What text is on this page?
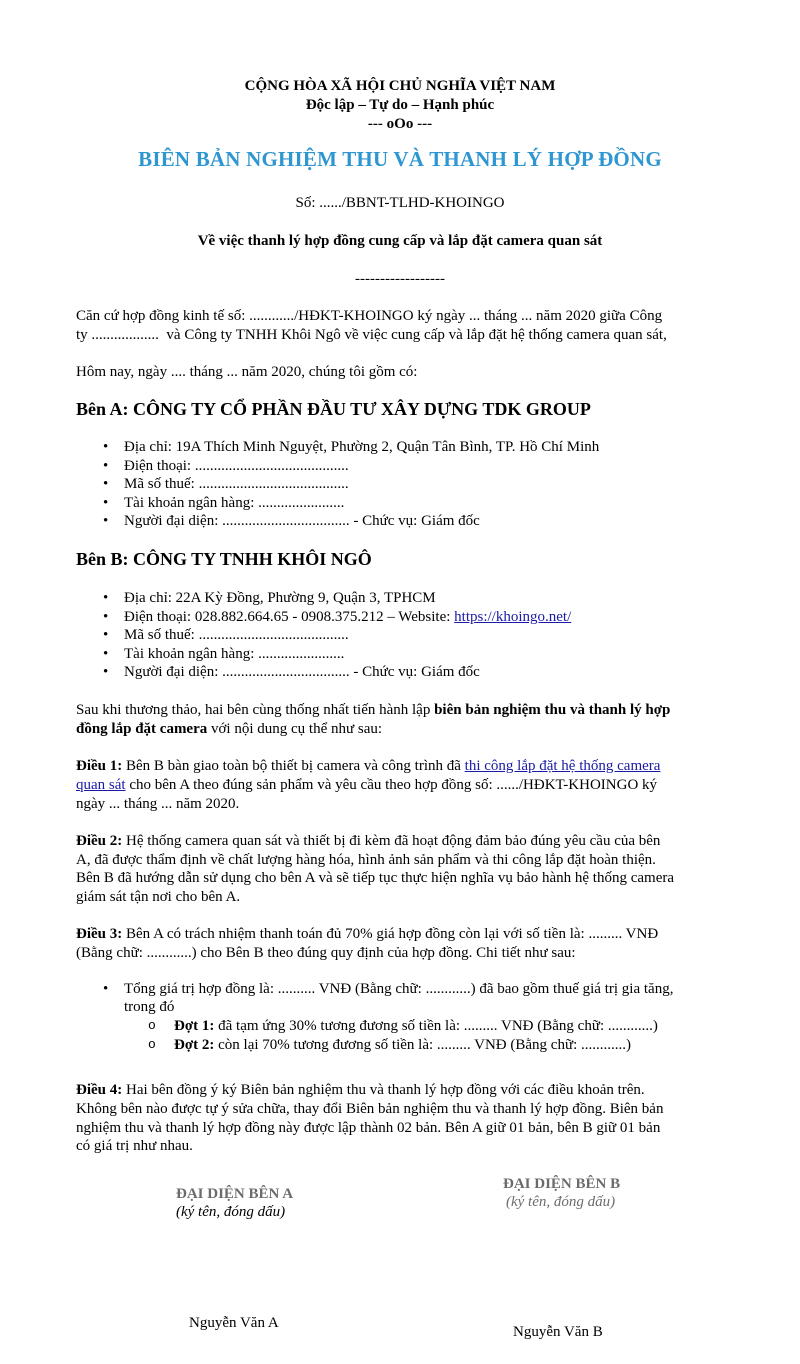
CỘNG HÒA XÃ HỘI CHỦ NGHĨA VIỆT NAM
Độc lập – Tự do – Hạnh phúc
--- oOo ---
BIÊN BẢN NGHIỆM THU VÀ THANH LÝ HỢP ĐỒNG
Số: ....../BBNT-TLHD-KHOINGO
Về việc thanh lý hợp đồng cung cấp và lắp đặt camera quan sát
------------------
Căn cứ hợp đồng kinh tế số: ............/HĐKT-KHOINGO ký ngày ... tháng ... năm 2020 giữa Công
ty ..................  và Công ty TNHH Khôi Ngô về việc cung cấp và lắp đặt hệ thống camera quan sát,
Hôm nay, ngày .... tháng ... năm 2020, chúng tôi gồm có:
Bên A: CÔNG TY CỔ PHẦN ĐẦU TƯ XÂY DỰNG TDK GROUP
• Địa chỉ: 19A Thích Minh Nguyệt, Phường 2, Quận Tân Bình, TP. Hồ Chí Minh
• Điện thoại: .........................................
• Mã số thuế: ........................................
• Tài khoản ngân hàng: .......................
• Người đại diện: .................................. - Chức vụ: Giám đốc
Bên B: CÔNG TY TNHH KHÔI NGÔ
• Địa chỉ: 22A Kỳ Đồng, Phường 9, Quận 3, TPHCM
• Điện thoại: 028.882.664.65 - 0908.375.212 – Website: https://khoingo.net/
• Mã số thuế: ........................................
• Tài khoản ngân hàng: .......................
• Người đại diện: .................................. - Chức vụ: Giám đốc
Sau khi thương thảo, hai bên cùng thống nhất tiến hành lập biên bản nghiệm thu và thanh lý hợp
đồng lắp đặt camera với nội dung cụ thể như sau:
Điều 1: Bên B bàn giao toàn bộ thiết bị camera và công trình đã thi công lắp đặt hệ thống camera
quan sát cho bên A theo đúng sản phẩm và yêu cầu theo hợp đồng số: ....../HĐKT-KHOINGO ký
ngày ... tháng ... năm 2020.
Điều 2: Hệ thống camera quan sát và thiết bị đi kèm đã hoạt động đảm bảo đúng yêu cầu của bên
A, đã được thẩm định về chất lượng hàng hóa, hình ảnh sản phẩm và thi công lắp đặt hoàn thiện.
Bên B đã hướng dẫn sử dụng cho bên A và sẽ tiếp tục thực hiện nghĩa vụ bảo hành hệ thống camera
giám sát tận nơi cho bên A.
Điều 3: Bên A có trách nhiệm thanh toán đủ 70% giá hợp đồng còn lại với số tiền là: ......... VNĐ
(Bằng chữ: ............) cho Bên B theo đúng quy định của hợp đồng. Chi tiết như sau:
• Tổng giá trị hợp đồng là: .......... VNĐ (Bằng chữ: ............) đã bao gồm thuế giá trị gia tăng,
trong đó
o Đợt 1: đã tạm ứng 30% tương đương số tiền là: ......... VNĐ (Bằng chữ: ............)
o Đợt 2: còn lại 70% tương đương số tiền là: ......... VNĐ (Bằng chữ: ............)
Điều 4: Hai bên đồng ý ký Biên bản nghiệm thu và thanh lý hợp đồng với các điều khoản trên.
Không bên nào được tự ý sửa chữa, thay đổi Biên bản nghiệm thu và thanh lý hợp đồng. Biên bản
nghiệm thu và thanh lý hợp đồng này được lập thành 02 bản. Bên A giữ 01 bản, bên B giữ 01 bản
có giá trị như nhau.
ĐẠI DIỆN BÊN A
(ký tên, đóng dấu)
ĐẠI DIỆN BÊN B
(ký tên, đóng dấu)
Nguyễn Văn A
Nguyễn Văn B
